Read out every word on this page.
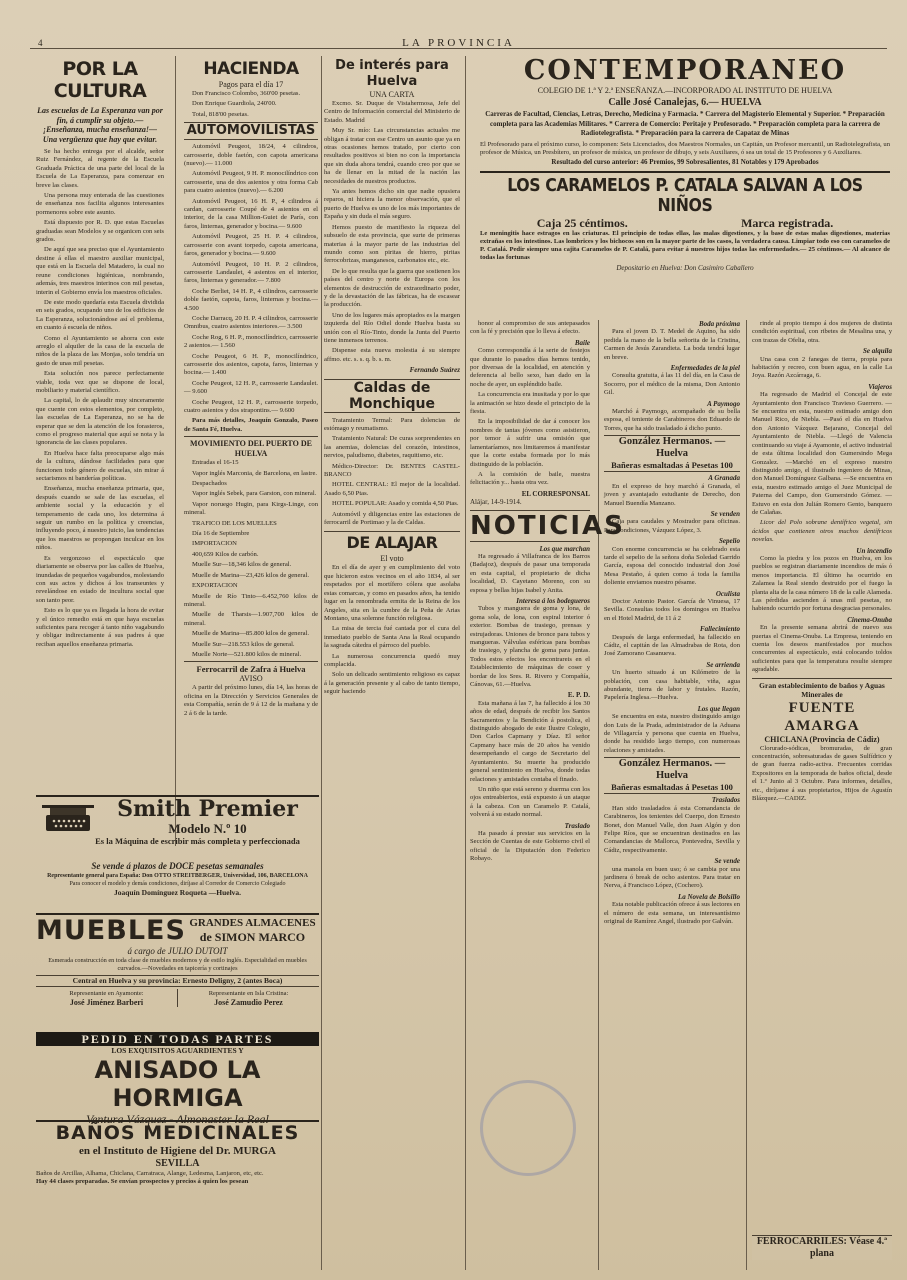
4	LA PROVINCIA
POR LA CULTURA
Las escuelas de La Esperanza van por fin, á cumplir su objeto.—¡Enseñanza, mucha enseñanza!—Una vergüenza que hay que evitar.

Se ha hecho entrega por el alcalde, señor Ruiz Fernández, al regente de la Escuela Graduada Práctica de una parte del local de la Escuela de La Esperanza, para comenzar en breve las clases.

Una persona muy enterada de las cuestiones de enseñanza nos facilita algunos interesantes pormenores sobre este asunto.

Está dispuesto por R. D. que estas Escuelas graduadas sean Modelos y se organicen con seis grados.

De aquí que sea preciso que el Ayuntamiento destine á ellas el maestro auxiliar municipal, que está en la Escuela del Matadero, la cual no reune condiciones higiénicas, nombrando, además, tres maestros interinos con mil pesetas, interin el Gobierno envía los maestros oficiales.

De este modo quedaría esta Escuela dividida en seis grados, ocupando uno de los edificios de La Esperanza, solucionándose así el problema, en cuanto á escuela de niños.

Como el Ayuntamiento se ahorra con este arreglo el alquiler de la casa de la escuela de niños de la plaza de las Monjas, solo tendría un gasto de unas mil pesetas.

Esta solución nos parece perfectamente viable, toda vez que se dispone de local, mobiliario y material científico.

La capital, lo de aplaudir muy sinceramente que cuente con estos elementos, por completo, las escuelas de La Esperanza, no se ha de esperar que se den la atención de los forasteros, como el progreso material que aquí se nota y la ignorancia de las clases populares.

En Huelva hace falta preocuparse algo más de la cultura, dándose facilidades para que funcionen todo género de escuelas, sin mirar á sectarismos ni banderías políticas.

Enseñanza, mucha enseñanza primaria, que, después cuando se sale de las escuelas, el ambiente social y la educación y el temperamento de cada uno, los determina á seguir un rumbo en la política y creencias, influyendo poco, á nuestro juicio, las tendencias que los maestros se propongan inculcar en los niños.

Es vergonzoso el espectáculo que diariamente se observa por las calles de Huelva, inundadas de pequeños vagabundos, molestando con sus actos y dichos á los transeuntes y revelándose en estado de incultura social que son tanto peor.

Esto es lo que ya es llegada la hora de evitar y el único remedio está en que haya escuelas suficientes para recoger á tanto niño vagabundo y obligar indirectamente á sus padres á que reciban aquellos enseñanza primaria.

HACIENDA
Pagos para el día 17

Don Francisco Colombo, 360'00 pesetas.

Don Enrique Guardiola, 240'00.

Total, 818'00 pesetas.

AUTOMOVILISTAS

Automóvil Peugeot, 18/24, 4 cilindros, carrosserie, doble faetón, con capota americana (nuevo).— 11.000

Automóvil Peugeot, 9 H. P. monocilíndrico con carrosserie, una de dos asientos y otra forma Cab para cuatro asientos (nuevo).— 6.200

Automóvil Peugeot, 16 H. P., 4 cilindros á cardan, carrosserie Coupé de 4 asientos en el interior, de la casa Million-Guiet de París, con faros, linternas, generador y bocina.— 9.600

Automóvil Peugeot, 25 H. P. 4 cilindros, carrosserie con avant torpedo, capota americana, faros, generador y bocina.— 9.600

Automóvil Peugeot, 10 H. P. 2 cilindros, carrosserie Landaulet, 4 asientos en el interior, faros, linternas y generador.— 7.800

Coche Berliet, 14 H. P., 4 cilindros, carrosserie doble faetón, capota, faros, linternas y bocina.— 4.500

Coche Darracq, 20 H. P. 4 cilindros, carrosserie Omnibus, cuatro asientos interiores.— 3.500

Coche Rog, 6 H. P., monocilíndrico, carrosserie 2 asientos.— 1.560

Coche Peugeot, 6 H. P., monocilíndrico, carrosserie dos asientos, capota, faros, linternas y bocina.— 1.400

Coche Peugeot, 12 H. P., carrosserie Landaulet.— 9.600

Coche Peugeot, 12 H. P., carrosserie torpedo, cuatro asientos y dos strapontins.— 9.600

Para más detalles, Joaquín Gonzalo, Paseo de Santa Fé, Huelva.

MOVIMIENTO DEL PUERTO DE HUELVA

Entradas el 16-15

Vapor inglés Marconia, de Barcelona, en lastre.

Despachados

Vapor inglés Sebek, para Garston, con mineral.

Vapor noruego Hugin, para Kirgs-Linge, con mineral.

TRAFICO DE LOS MUELLES

Día 16 de Septiembre

IMPORTACION

400,659 Kilos de carbón.

Muelle Sur—18,346 kilos de general.

Muelle de Marina—23,426 kilos de general.

EXPORTACION

Muelle de Río Tinto—6.452,760 kilos de mineral.

Muelle de Tharsis—1.907,700 kilos de mineral.

Muelle de Marina—85.800 kilos de general.

Muelle Sur—218.553 kilos de general.

Muelle Norte—521.800 kilos de mineral.

Ferrocarril de Zafra á Huelva
AVISO

A partir del próximo lunes, día 14, las horas de oficina en la Dirección y Servicios Generales de esta Compañía, serán de 9 á 12 de la mañana y de 2 á 6 de la tarde.

De interés para Huelva
UNA CARTA

Excmo. Sr. Duque de Vistahermosa, Jefe del Centro de Información comercial del Ministerio de Estado. Madrid

Muy Sr. mío: Las circunstancias actuales me obligan á tratar con ese Centro un asunto que ya en otras ocasiones hemos tratado, por cierto con resultados positivos si bien no con la importancia que sin duda ahora tendrá, cuando creo por que se ha de llenar en la mitad de la nación las necesidades de nuestros productos.

Ya antes hemos dicho sin que nadie opusiera reparos, ni hiciera la menor observación, que el puerto de Huelva es uno de los más importantes de España y sin duda el más seguro.

Hemos puesto de manifiesto la riqueza del subsuelo de esta provincia, que surte de primeras materias á la mayor parte de las industrias del mundo como son piritas de hierro, piritas ferrocobrizas, manganesos, carbonatos etc., etc.

De lo que resulta que la guerra que sostienen los países del centro y norte de Europa con los elementos de destrucción de extraordinario poder, y de la devastación de las fábricas, ha de escasear la producción.

Uno de los lugares más apropiados es la margen izquierda del Río Odiel donde Huelva basta su unión con el Río-Tinto, donde la Junta del Puerto tiene inmensos terrenos.

Dispense esta nueva molestia á su siempre affmo. etc. s. s. q. b. s. m.

Fernando Suárez
Caldas de Monchique

Tratamiento Termal: Para dolencias de estómago y reumatismo.

Tratamiento Natural: De curas sorprendentes en las anemias, dolencias del corazón, intestinos, nervios, paludismo, diabetes, raquitismo, etc.

Médico-Director: Dr. BENTES CASTEL-BRANCO

HOTEL CENTRAL: El mejor de la localidad. Asado 6,50 Ptas.

HOTEL POPULAR: Asado y comida 4,50 Ptas.

Automóvil y diligencias entre las estaciones de ferrocarril de Portimao y la de Caldas.

DE ALAJAR
El voto

En el día de ayer y en cumplimiento del voto que hicieron estos vecinos en el año 1834, al ser respetados por el mortífero cólera que asolaba estas comarcas, y como en pasados años, ha tenido lugar en la renombrada ermita de la Reina de los Angeles, sita en la cumbre de la Peña de Arias Montano, una solemne función religiosa.

La misa de tercia fué cantada por el cura del inmediato pueblo de Santa Ana la Real ocupando la sagrada cátedra el párroco del pueblo.

La numerosa concurrencia quedó muy complacida.

Solo un delicado sentimiento religioso es capaz á la generación presente y al cabo de tanto tiempo, seguir haciendo

CONTEMPORANEO
COLEGIO DE 1.ª Y 2.ª ENSEÑANZA.—INCORPORADO AL INSTITUTO DE HUELVA
Calle José Canalejas, 6.— HUELVA
Carreras de Facultad, Ciencias, Letras, Derecho, Medicina y Farmacia. * Carrera del Magisterio Elemental y Superior. * Preparación completa para las Academias Militares. * Carrera de Comercio: Peritaje y Profesorado. * Preparación completa para la carrera de Radiotelegrafista. * Preparación para la carrera de Capataz de Minas
El Profesorado para el próximo curso, lo componen: Seis Licenciados, dos Maestros Normales, un Capitán, un Profesor mercantil, un Radiotelegrafista, un profesor de Música, un Presbítero, un profesor de música, un profesor de dibujo, y seis Auxiliares, ó sea un total de 15 Profesores y 6 Auxiliares.
Resultado del curso anterior: 46 Premios, 99 Sobresalientes, 81 Notables y 179 Aprobados
LOS CARAMELOS P. CATALA SALVAN A LOS NIÑOS
Caja 25 céntimos.	Marca registrada.
Le meningitis hace estragos en las criaturas. El principio de todas ellas, las malas digestiones, y la base de estas malas digestiones, materias extrañas en los intestinos. Las lombrices y los bichocos son en la mayor parte de los casos, la verdadera causa. Limpiar todo eso con caramelos de P. Catalá. Pedir siempre una cajita Caramelos de P. Catalá, para evitar á nuestros hijos todas las enfermedades.— 25 céntimos.— Al alcance de todas las fortunas
Depositario en Huelva: Don Casimiro Caballero

honor al compromiso de sus antepasados con la fé y precisión que lo lleva á efecto.

Baile

Como correspondía á la serie de festejos que durante lo pasados días hemos tenido, por diversas de la localidad, en atención y deferencia al bello sexo, han dado en la noche de ayer, un espléndido baile.

La concurrencia era inusitada y por lo que la animación se hizo desde el principio de la fiesta.

En la imposibilidad de dar á conocer los nombres de tantas jóvenes como asistieron, por temor á sufrir una omisión que lamentaríamos, nos limitaremos á manifestar que la corte estaba formada por lo más distinguido de la población.

A la comisión de baile, nuestra felicitación y... hasta otra vez.

EL CORRESPONSAL
Alájar, 14-9-1914.
NOTICIAS
Los que marchan

Ha regresado á Villafranca de los Barros (Badajoz), después de pasar una temporada en esta capital, el propietario de dicha localidad, D. Cayetano Moreno, con su esposa y bellas hijas Isabel y Anita.

Interesa á los bodegueros

Tubos y manguera de goma y lona, de goma sola, de lona, con espiral interior ó exterior. Bombas de trasiego, prensas y estrujadoras. Uniones de bronce para tubos y mangueras. Válvulas esféricas para bombas de trasiego, y plancha de goma para juntas. Todos estos efectos los encontrareis en el Establecimiento de máquinas de coser y bordar de los Sres. R. Rivero y Compañía, Cánovas, 61.—Huelva.

E. P. D.

Esta mañana á las 7, ha fallecido á los 30 años de edad, después de recibir los Santos Sacramentos y la Bendición á postolica, el distinguido abogado de este Ilustre Colegio, Don Carlos Capmany y Díaz. El señor Capmany hace más de 20 años ha venido desempeñando el cargo de Secretario del Ayuntamiento. Su muerte ha producido general sentimiento en Huelva, donde todas relaciones y amistades contaba el finado.

Un niño que está sereno y duerma con los ojos entreabiertos, está expuesto á un ataque á la cabeza. Con un Caramelo P. Catalá, volverá á su estado normal.

Traslado

Ha pasado á prestar sus servicios en la Sección de Cuentas de este Gobierno civil el oficial de la Diputación don Federico Robayo.

Boda próxima

Para el joven D. T. Medel de Aquino, ha sido pedida la mano de la bella señorita de la Cristina, Carmen de Jesús Zarandieta. La boda tendrá lugar en breve.

Enfermedades de la piel

Consulta gratuita, á las 11 del día, en la Casa de Socorro, por el médico de la misma, Don Antonio Gil.

A Paymogo

Marchó á Paymogo, acompañado de su bella esposa, el teniente de Carabineros don Eduardo de Torres, que ha sido trasladado á dicho punto.

González Hermanos. — Huelva
Bañeras esmaltadas á Pesetas 100
A Granada

En el expreso de hoy marchó á Granada, el joven y avantajado estudiante de Derecho, don Manuel Buendía Manzano.

Se venden

Caja para caudales y Mostrador para oficinas. Para condiciones, Vázquez López, 3.

Sepelio

Con enorme concurrencia se ha celebrado esta tarde el sepelio de la señora doña Soledad Garrido García, esposa del conocido industrial don José Mesa Pestaño, á quien como á toda la familia doliente enviamos nuestro pésame.

Oculista

Doctor Antonio Pastor. García de Vinuesa, 17 Sevilla. Consultas todos los domingos en Huelva en el Hotel Madrid, de 11 á 2

Fallecimiento

Después de larga enfermedad, ha fallecido en Cádiz, el capitán de las Almadrabas de Rota, don José Zamorano Casanueva.

Se arrienda

Un huerto situado á un Kilómetro de la población, con casa habitable, viña, agua abundante, tierra de labor y frutales. Razón, Papelería Inglesa.—Huelva.

Los que llegan

Se encuentra en esta, nuestro distinguido amigo don Luis de la Prada, administrador de la Aduana de Villagarcía y persona que cuenta en Huelva, donde ha residido largo tiempo, con numerosas relaciones y amistades.

González Hermanos. — Huelva
Bañeras esmaltadas á Pesetas 100
Traslados

Han sido trasladados á esta Comandancia de Carabineros, los tenientes del Cuerpo, don Ernesto Bonet, don Manuel Valle, don Juan Algón y don Felipe Ríos, que se encuentran destinados en las Comandancias de Mallorca, Pontevedra, Sevilla y Cádiz, respectivamente.

Se vende

una manola en buen uso; ó se cambia por una jardinera ó break de ocho asientos. Para tratar en Nerva, á Francisco López, (Cochero).

La Novela de Bolsillo

Esta notable publicación ofrece á sus lectores en el número de esta semana, un interesantísimo original de Ramírez Angel, ilustrado por Galván.

rinde al propio tiempo á dos mujeres de distinta condición espiritual, con ribetes de Mesalina una, y con trazas de Ofelia, otra.

Se alquila

Una casa con 2 fanegas de tierra, propia para habitación y recreo, con buen agua, en la calle La Joya. Razón Azcárraga, 6.

Viajeros

Ha regresado de Madrid el Concejal de este Ayuntamiento don Francisco Travieso Guerrero. —Se encuentra en esta, nuestro estimado amigo don Manuel Rico, de Niebla. —Pasó el día en Huelva don Antonio Vázquez Bejarano, Concejal del Ayuntamiento de Niebla. —Llegó de Valencia continuando su viaje á Ayamonte, el activo industrial de esta última localidad don Gumersindo Mega Gonzalez. —Marchó en el expreso nuestro distinguido amigo, el ilustrado ingeniero de Minas, don Manuel Domínguez Galbana. —Se encuentra en esta, nuestro estimado amigo el Juez Municipal de Paterna del Campo, don Gumersindo Gómez. —Estuvo en esta don Julián Romero Gento, banquero de Calañas.

Licor del Polo sobrane dentífrico vegetal, sin ácidos que contienen otros muchos dentífricos novelas.

Un incendio

Como la piedra y los pozos en Huelva, en los pueblos se registran diariamente incendios de más ó menos importancia. El último ha ocurrido en Zalamea la Real siendo destruido por el fuego la planta alta de la casa número 18 de la calle Alameda. Las pérdidas ascienden á unas mil pesetas, no habiendo ocurrido por fortuna desgracias personales.

Cinema-Onuba

En la presente semana abrirá de nuevo sus puertas el Cinema-Onuba. La Empresa, teniendo en cuenta los deseos manifestados por muchos concurrentes al espectáculo, está colocando toldos suficientes para que la temperatura resulte siempre agradable.

Gran establecimiento de baños y Aguas Minerales de
FUENTE AMARGA
CHICLANA (Provincia de Cádiz)

Clorurado-sódicas, bromuradas, de gran concentración, sobresaturadas de gases Sulfídrico y de gran fuerza radio-activa. Frecuentes corridas Expositores en la temporada de baños oficial, desde el 1.º Junio al 3 Octubre. Para informes, detalles, etc., diríjanse á sus propietarios, Hijos de Agustín Blázquez.—CADIZ.

FERROCARRILES: Véase 4.ª plana
Smith Premier
Modelo N.º 10
Es la Máquina de escribir más completa y perfeccionada
Se vende á plazos de DOCE pesetas semanales
Representante general para España: Don OTTO STREITBERGER, Universidad, 106, BARCELONA
Para conocer el modelo y demás condiciones, diríjase al Corredor de Comercio Colegiado
Joaquín Domínguez Roqueta —Huelva.
MUEBLES GRANDES ALMACENES
de SIMON MARCO
á cargo de JULIO DUTOIT
Esmerada construcción en toda clase de muebles modernos y de estilo inglés. Especialidad en muebles curvados.—Novedades en tapicería y cortinajes
Central en Huelva y su provincia: Ernesto Deligny, 2 (antes Boca)
Representante en Ayamonte:
José Jiménez Barberi
Representante en Isla Cristina:
José Zamudio Perez
PEDID EN TODAS PARTES
LOS EXQUISITOS AGUARDIENTES Y
ANISADO LA HORMIGA
Ventura Vázquez - Almonaster la Real
BAÑOS MEDICINALES
en el Instituto de Higiene del Dr. MURGA
SEVILLA
Baños de Arcillas, Alhama, Chiclana, Carratraca, Alange, Ledesma, Lanjaron, etc, etc.
Hay 44 clases preparadas. Se envían prospectos y precios á quien los pesean
